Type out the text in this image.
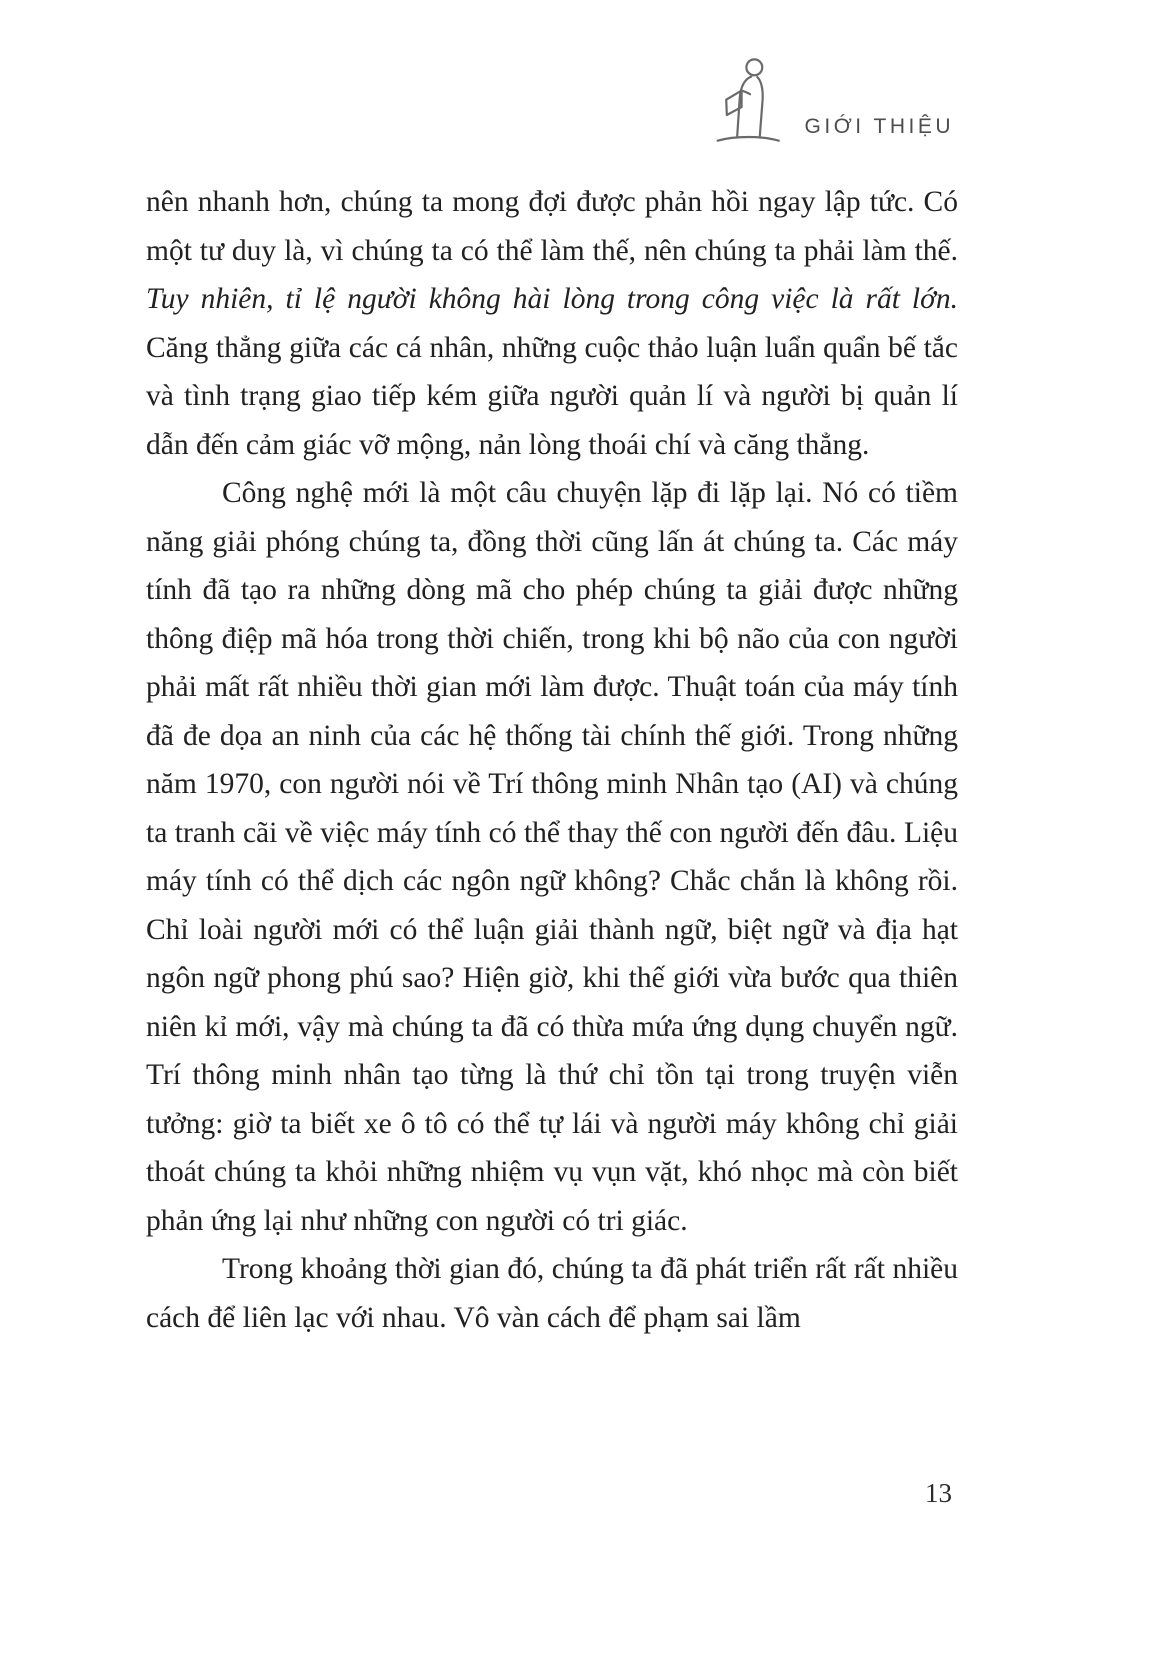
GIỚI THIỆU

nên nhanh hơn, chúng ta mong đợi được phản hồi ngay lập tức. Có một tư duy là, vì chúng ta có thể làm thế, nên chúng ta phải làm thế. Tuy nhiên, tỉ lệ người không hài lòng trong công việc là rất lớn. Căng thẳng giữa các cá nhân, những cuộc thảo luận luẩn quẩn bế tắc và tình trạng giao tiếp kém giữa người quản lí và người bị quản lí dẫn đến cảm giác vỡ mộng, nản lòng thoái chí và căng thẳng.

Công nghệ mới là một câu chuyện lặp đi lặp lại. Nó có tiềm năng giải phóng chúng ta, đồng thời cũng lấn át chúng ta. Các máy tính đã tạo ra những dòng mã cho phép chúng ta giải được những thông điệp mã hóa trong thời chiến, trong khi bộ não của con người phải mất rất nhiều thời gian mới làm được. Thuật toán của máy tính đã đe dọa an ninh của các hệ thống tài chính thế giới. Trong những năm 1970, con người nói về Trí thông minh Nhân tạo (AI) và chúng ta tranh cãi về việc máy tính có thể thay thế con người đến đâu. Liệu máy tính có thể dịch các ngôn ngữ không? Chắc chắn là không rồi. Chỉ loài người mới có thể luận giải thành ngữ, biệt ngữ và địa hạt ngôn ngữ phong phú sao? Hiện giờ, khi thế giới vừa bước qua thiên niên kỉ mới, vậy mà chúng ta đã có thừa mứa ứng dụng chuyển ngữ. Trí thông minh nhân tạo từng là thứ chỉ tồn tại trong truyện viễn tưởng: giờ ta biết xe ô tô có thể tự lái và người máy không chỉ giải thoát chúng ta khỏi những nhiệm vụ vụn vặt, khó nhọc mà còn biết phản ứng lại như những con người có tri giác.

Trong khoảng thời gian đó, chúng ta đã phát triển rất rất nhiều cách để liên lạc với nhau. Vô vàn cách để phạm sai lầm

13
